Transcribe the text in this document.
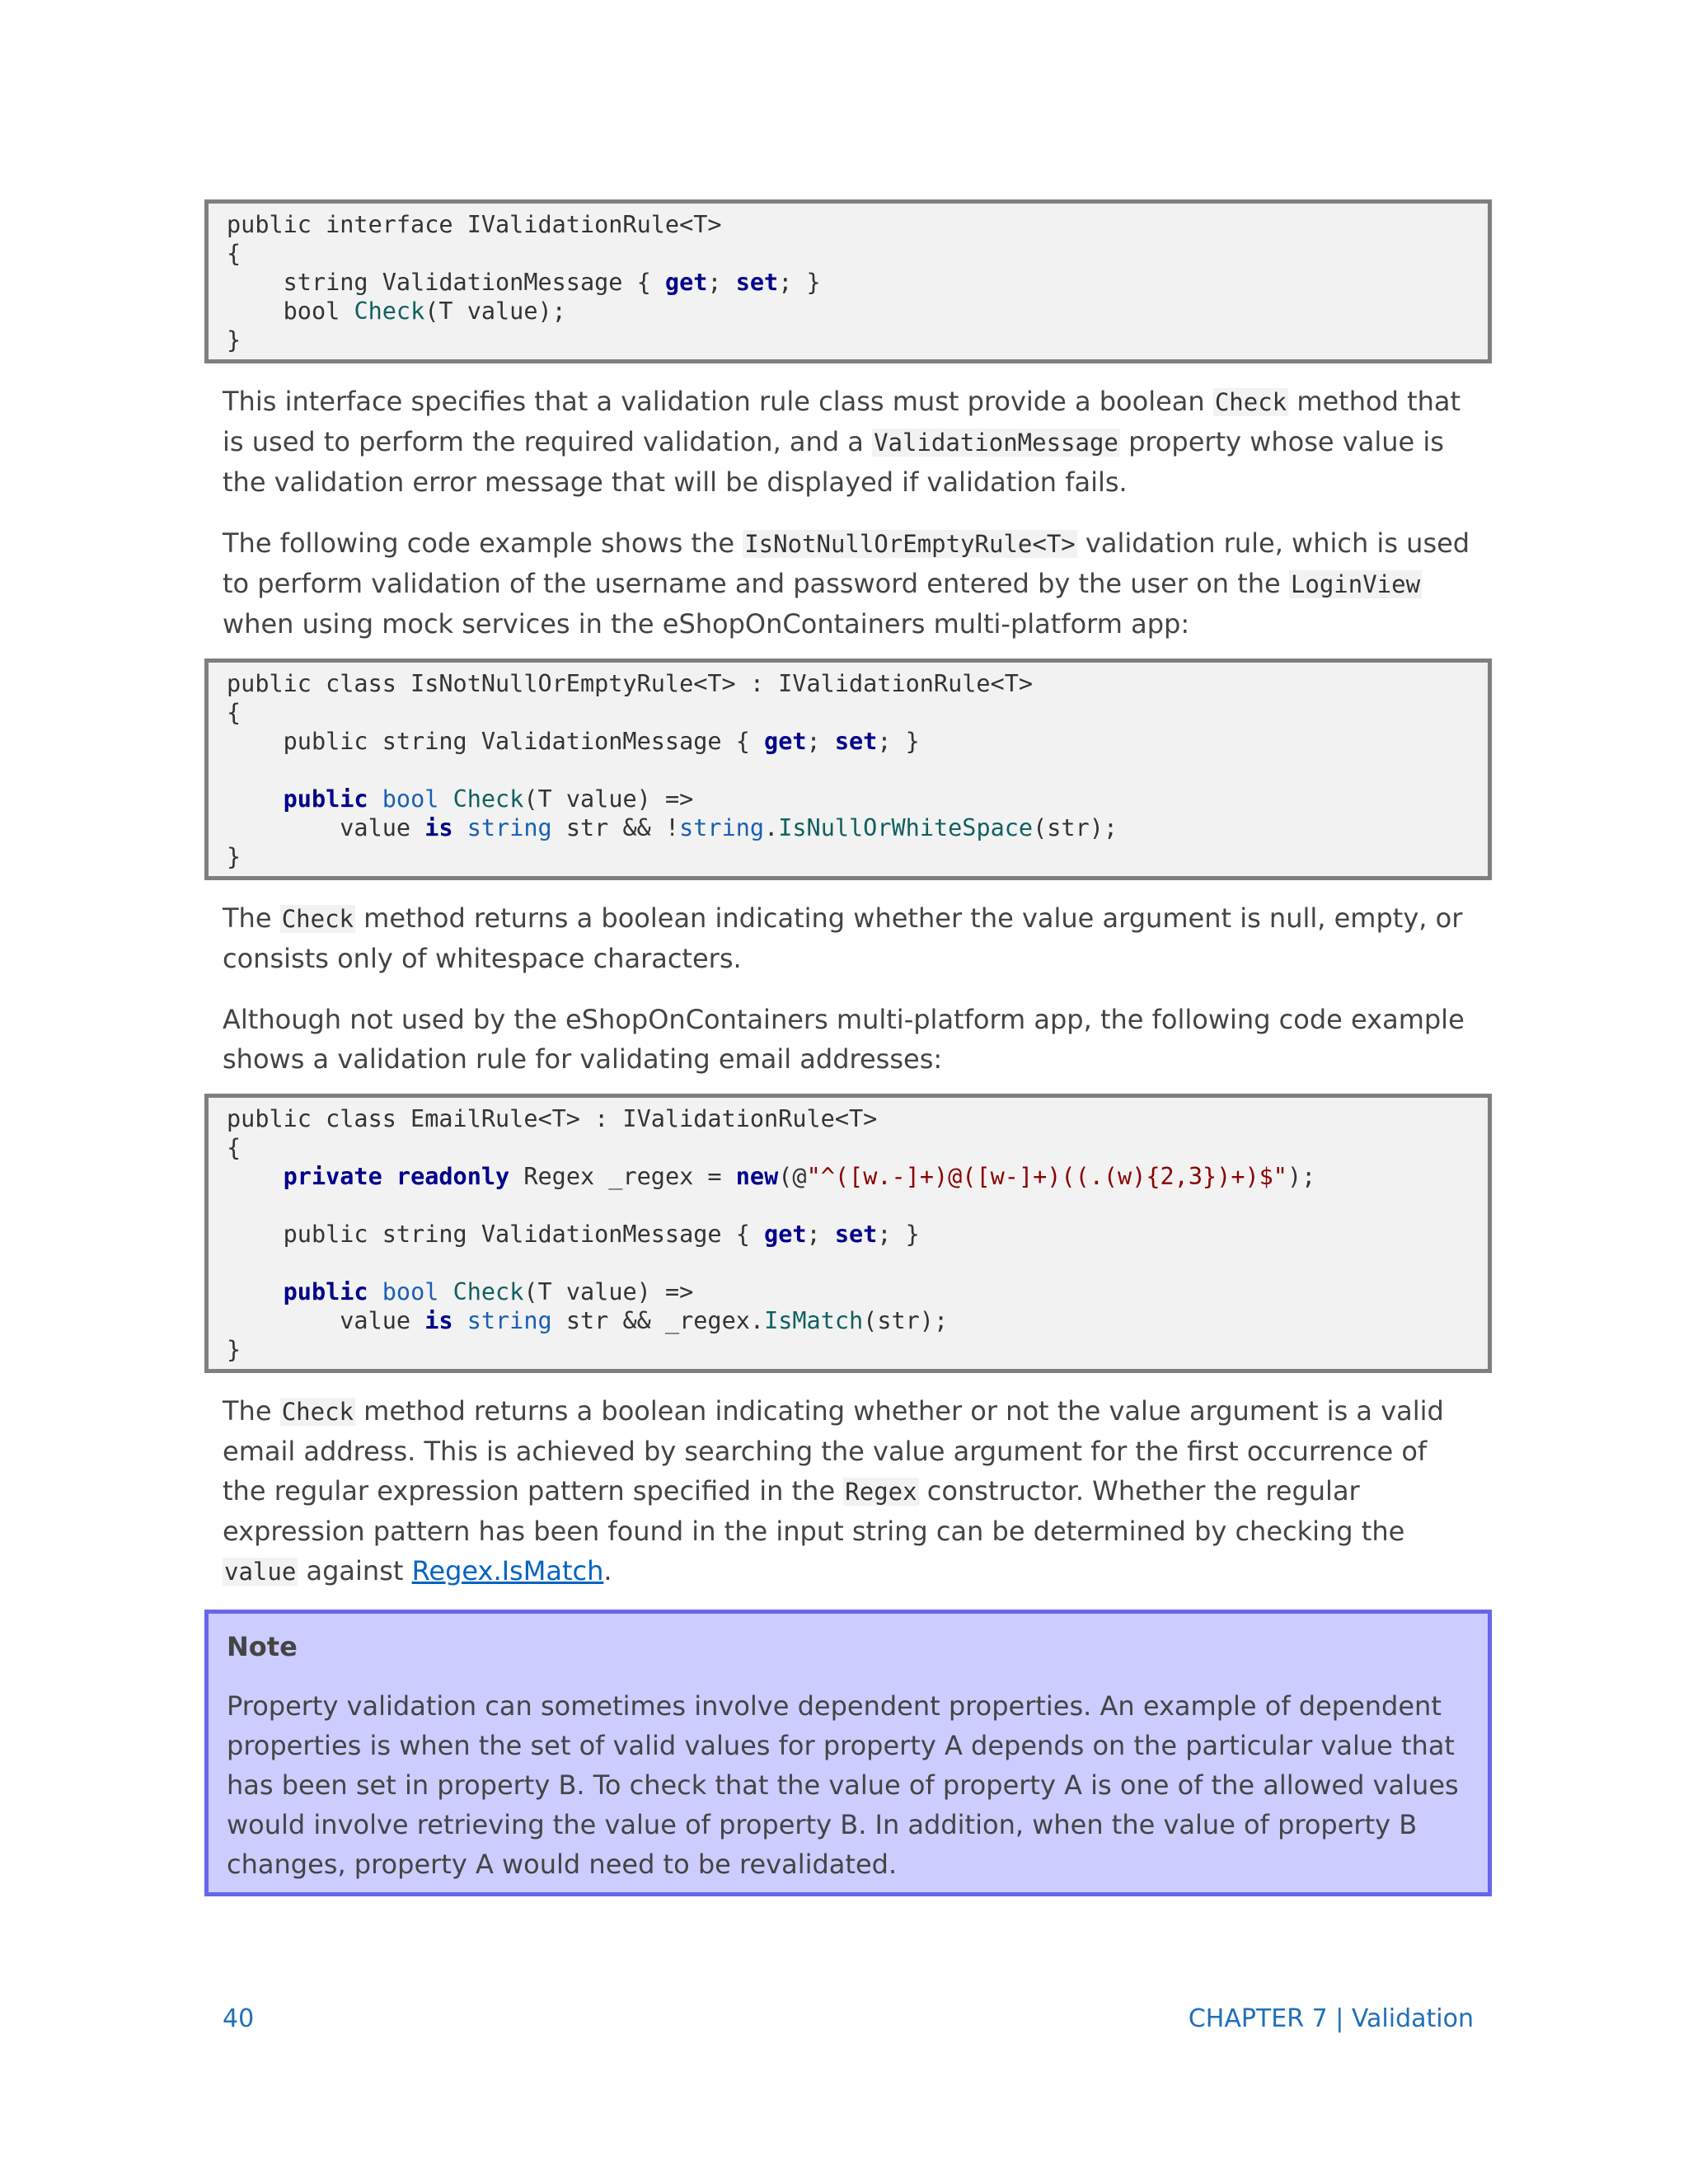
public interface IValidationRule<T>
{
string ValidationMessage { get; set; }
bool Check(T value);
}

This interface specifies that a validation rule class must provide a boolean Check method that is used to perform the required validation, and a ValidationMessage property whose value is the validation error message that will be displayed if validation fails.

The following code example shows the IsNotNullOrEmptyRule<T> validation rule, which is used to perform validation of the username and password entered by the user on the LoginView when using mock services in the eShopOnContainers multi-platform app:

public class IsNotNullOrEmptyRule<T> : IValidationRule<T>
{
public string ValidationMessage { get; set; }

public bool Check(T value) =>
value is string str && !string.IsNullOrWhiteSpace(str);
}

The Check method returns a boolean indicating whether the value argument is null, empty, or consists only of whitespace characters.

Although not used by the eShopOnContainers multi-platform app, the following code example shows a validation rule for validating email addresses:

public class EmailRule<T> : IValidationRule<T>
{
private readonly Regex _regex = new(@"^([w.-]+)@([w-]+)((.(w){2,3})+)$");

public string ValidationMessage { get; set; }

public bool Check(T value) =>
value is string str && _regex.IsMatch(str);
}

The Check method returns a boolean indicating whether or not the value argument is a valid email address. This is achieved by searching the value argument for the first occurrence of the regular expression pattern specified in the Regex constructor. Whether the regular expression pattern has been found in the input string can be determined by checking the value against Regex.IsMatch.

Note
Property validation can sometimes involve dependent properties. An example of dependent properties is when the set of valid values for property A depends on the particular value that has been set in property B. To check that the value of property A is one of the allowed values would involve retrieving the value of property B. In addition, when the value of property B changes, property A would need to be revalidated.
40	CHAPTER 7 | Validation
